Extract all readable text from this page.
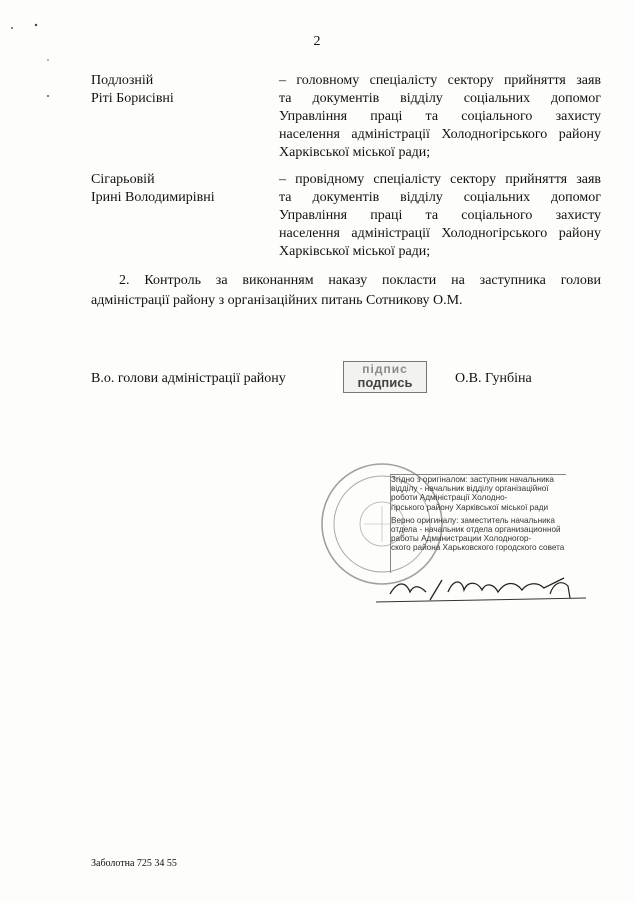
2
Подлозній
Ріті Борисівні
– головному спеціалісту сектору прийняття заяв
та документів відділу соціальних допомог
Управління праці та соціального захисту
населення адміністрації Холодногірського району
Харківської міської ради;
Сігарьовій
Ірині Володимирівні
– провідному спеціалісту сектору прийняття заяв
та документів відділу соціальних допомог
Управління праці та соціального захисту
населення адміністрації Холодногірського району
Харківської міської ради;
2. Контроль за виконанням наказу покласти на заступника голови
адміністрації району з організаційних питань Сотникову О.М.
В.о. голови адміністрації району
підпис
подпись	О.В. Гунбіна
Згідно з оригіналом: заступник начальника
відділу - начальник відділу організаційної
роботи Адміністрації Холодно-
гірського району Харківської міської ради
Верно оригиналу: заместитель начальника
отдела - начальник отдела организационной
работы Администрации Холодногор-
ского района Харьковского городского совета
Заболотна 725 34 55
